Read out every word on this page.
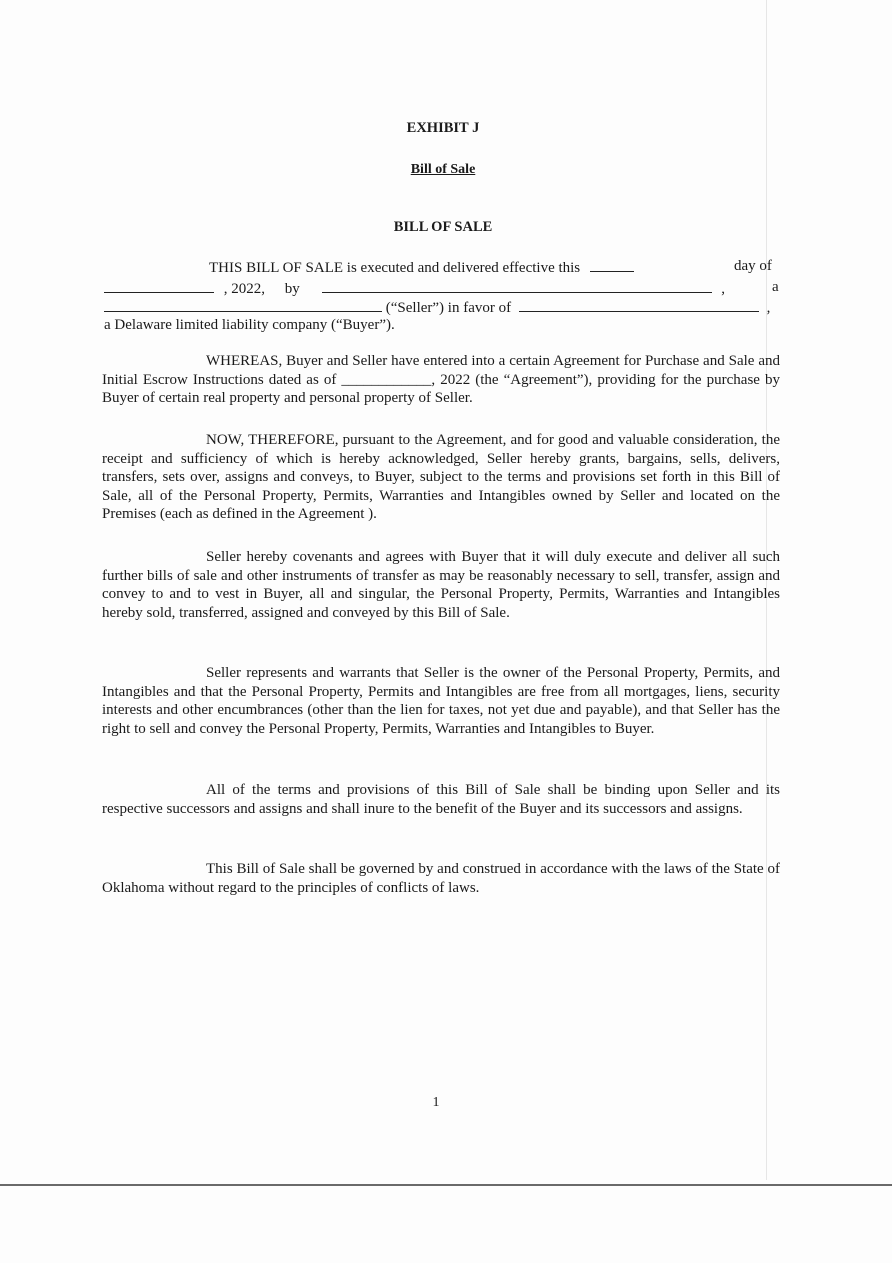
EXHIBIT J
Bill of Sale
BILL OF SALE
THIS BILL OF SALE is executed and delivered effective this	day of
, 2022, by	,	a
(“Seller”) in favor of	,
a Delaware limited liability company (“Buyer”).

WHEREAS, Buyer and Seller have entered into a certain Agreement for Purchase and Sale and Initial Escrow Instructions dated as of ____________, 2022 (the “Agreement”), providing for the purchase by Buyer of certain real property and personal property of Seller.

NOW, THEREFORE, pursuant to the Agreement, and for good and valuable consideration, the receipt and sufficiency of which is hereby acknowledged, Seller hereby grants, bargains, sells, delivers, transfers, sets over, assigns and conveys, to Buyer, subject to the terms and provisions set forth in this Bill of Sale, all of the Personal Property, Permits, Warranties and Intangibles owned by Seller and located on the Premises (each as defined in the Agreement ).

Seller hereby covenants and agrees with Buyer that it will duly execute and deliver all such further bills of sale and other instruments of transfer as may be reasonably necessary to sell, transfer, assign and convey to and to vest in Buyer, all and singular, the Personal Property, Permits, Warranties and Intangibles hereby sold, transferred, assigned and conveyed by this Bill of Sale.

Seller represents and warrants that Seller is the owner of the Personal Property, Permits, and Intangibles and that the Personal Property, Permits and Intangibles are free from all mortgages, liens, security interests and other encumbrances (other than the lien for taxes, not yet due and payable), and that Seller has the right to sell and convey the Personal Property, Permits, Warranties and Intangibles to Buyer.

All of the terms and provisions of this Bill of Sale shall be binding upon Seller and its respective successors and assigns and shall inure to the benefit of the Buyer and its successors and assigns.

This Bill of Sale shall be governed by and construed in accordance with the laws of the State of Oklahoma without regard to the principles of conflicts of laws.

1
